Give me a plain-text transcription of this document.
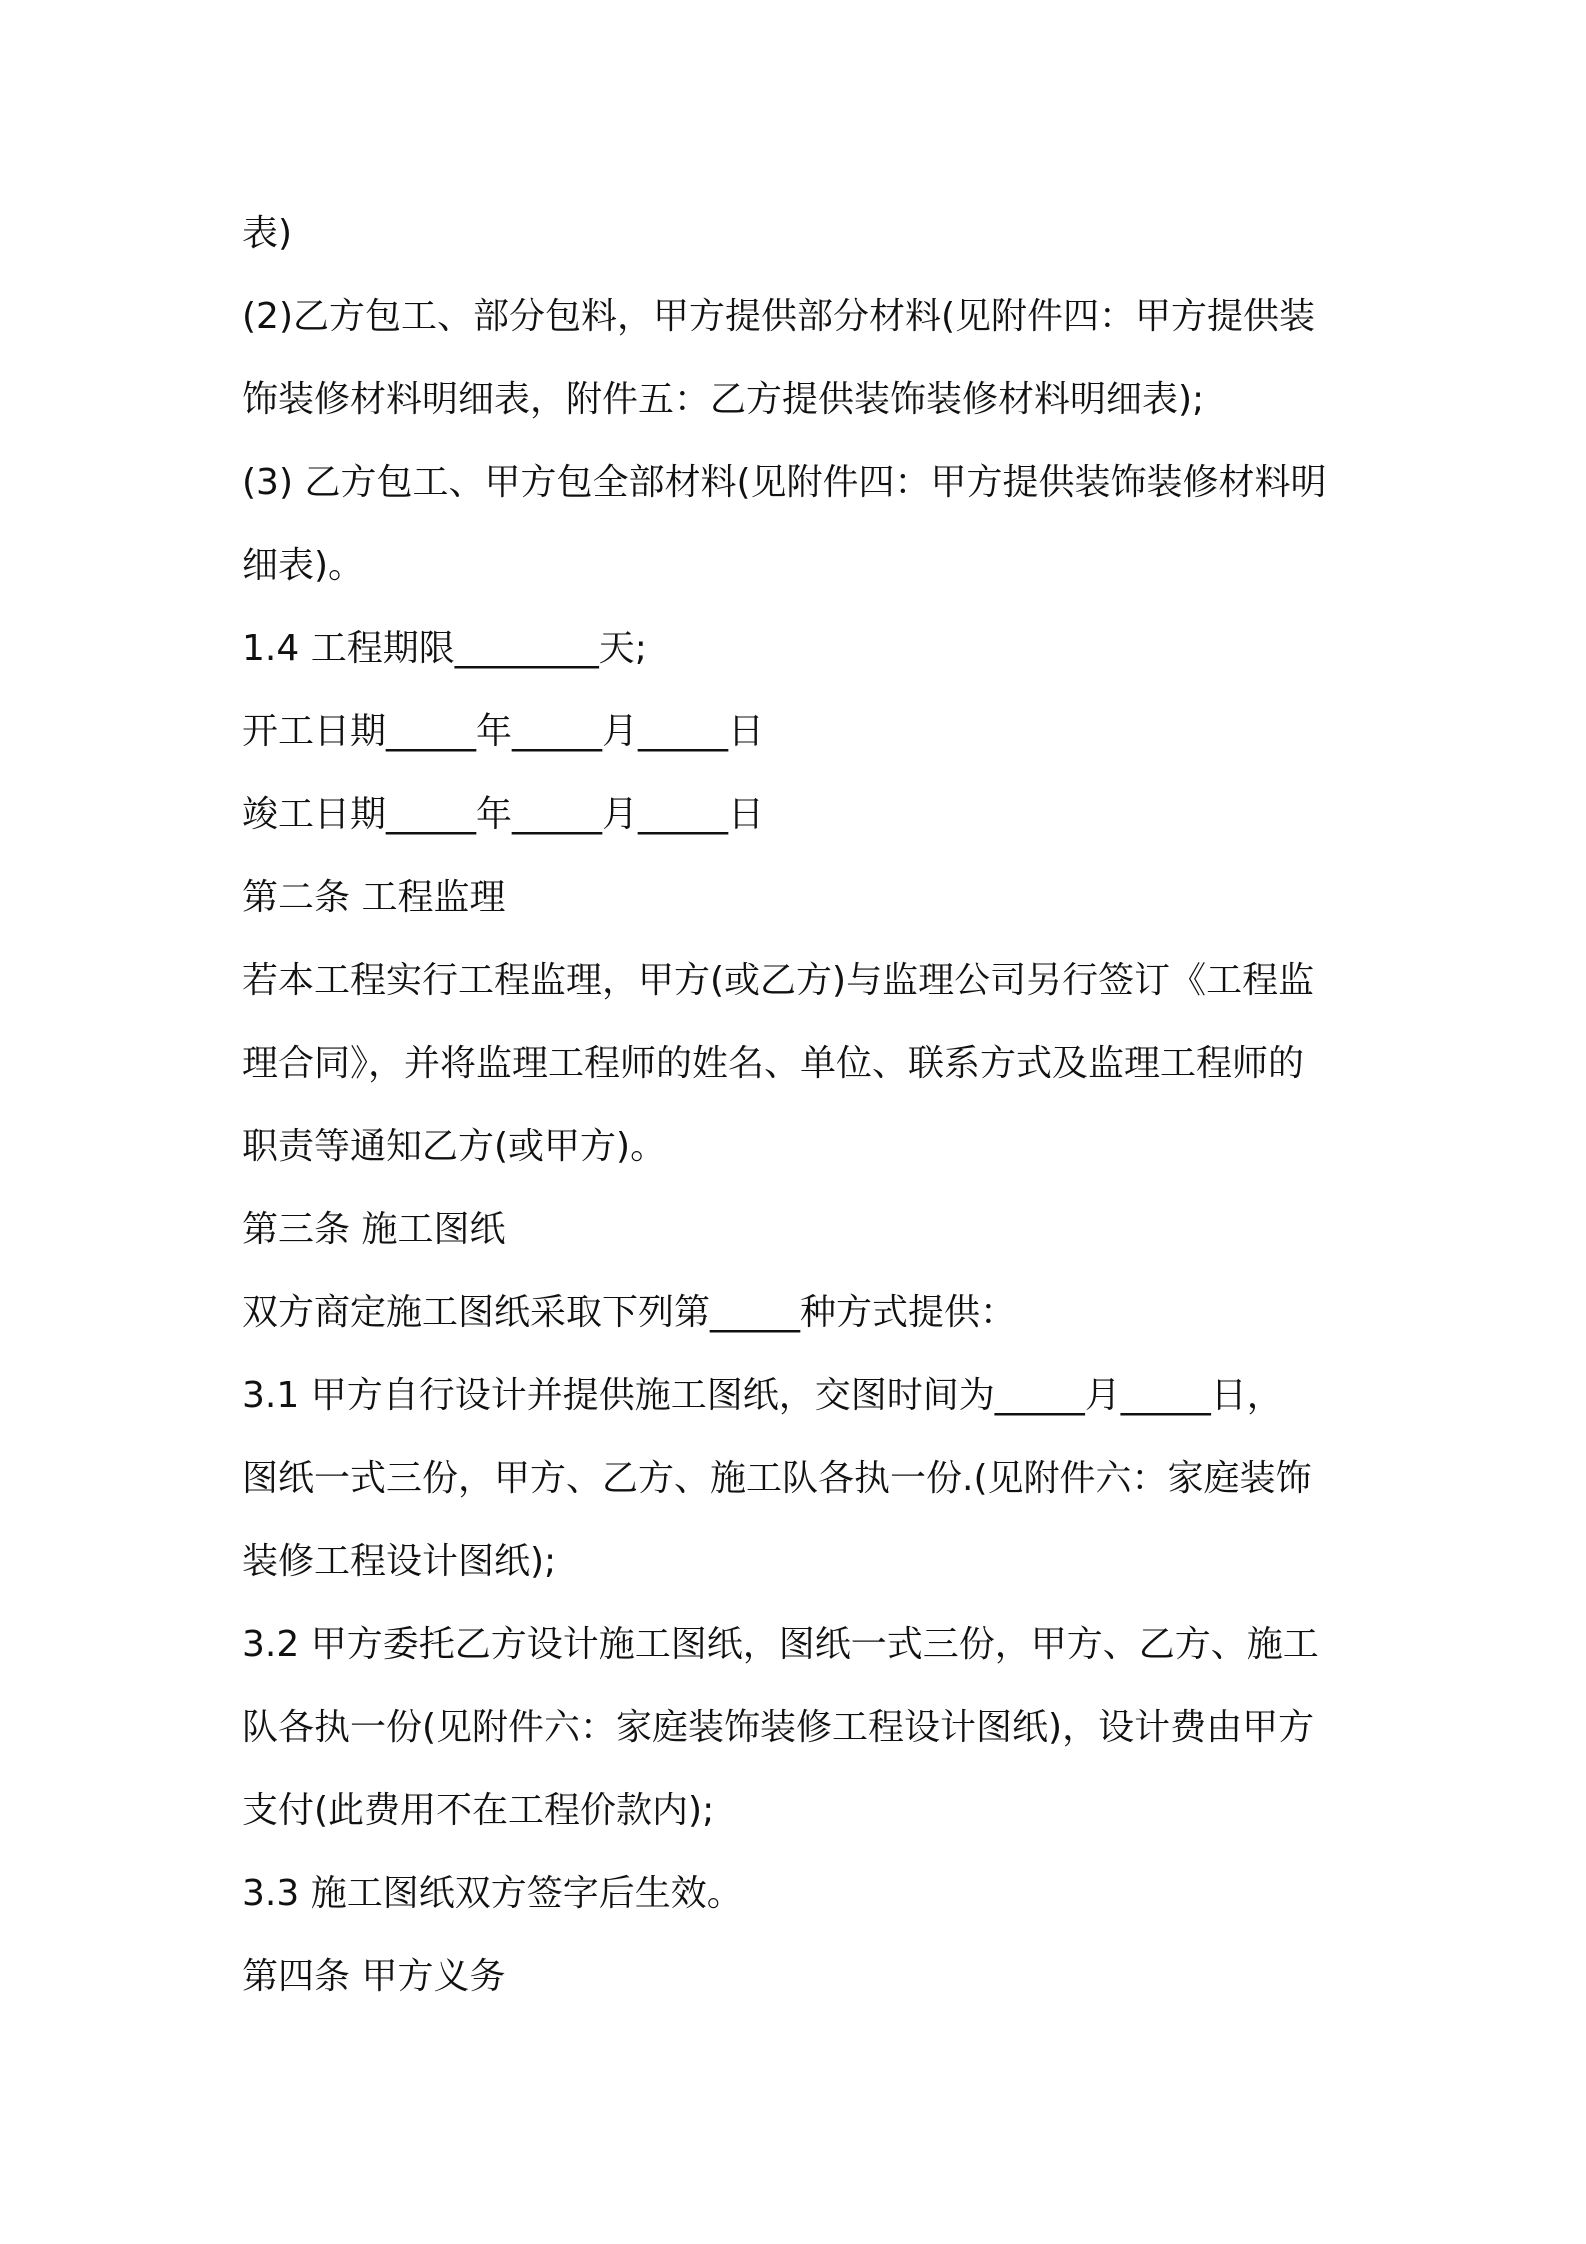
表)
(2)乙方包工、部分包料，甲方提供部分材料(见附件四：甲方提供装
饰装修材料明细表，附件五：乙方提供装饰装修材料明细表);
(3) 乙方包工、甲方包全部材料(见附件四：甲方提供装饰装修材料明
细表)。
1.4 工程期限________天;
开工日期_____年_____月_____日
竣工日期_____年_____月_____日
第二条 工程监理
若本工程实行工程监理，甲方(或乙方)与监理公司另行签订《工程监
理合同》，并将监理工程师的姓名、单位、联系方式及监理工程师的
职责等通知乙方(或甲方)。
第三条 施工图纸
双方商定施工图纸采取下列第_____种方式提供：
3.1 甲方自行设计并提供施工图纸，交图时间为_____月_____日，
图纸一式三份，甲方、乙方、施工队各执一份.(见附件六：家庭装饰
装修工程设计图纸);
3.2 甲方委托乙方设计施工图纸，图纸一式三份，甲方、乙方、施工
队各执一份(见附件六：家庭装饰装修工程设计图纸)，设计费由甲方
支付(此费用不在工程价款内);
3.3 施工图纸双方签字后生效。
第四条 甲方义务
